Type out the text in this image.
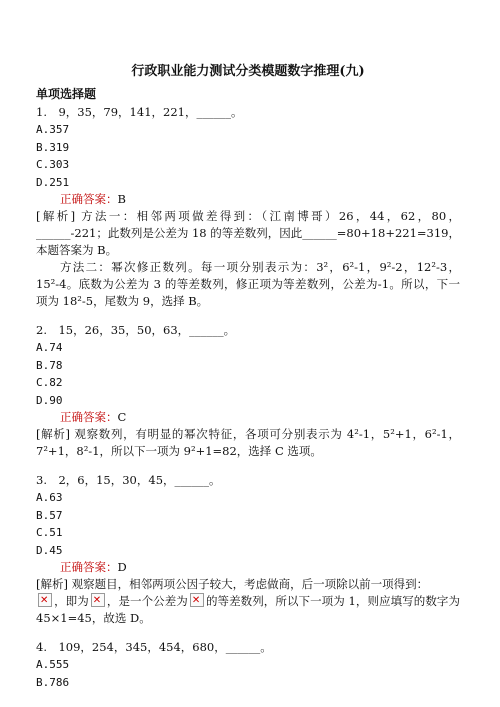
行政职业能力测试分类模题数字推理(九)
单项选择题
1.　9，35，79，141，221，______。
A.357
B.319
C.303
D.251
正确答案：B
[解析] 方法一：相邻两项做差得到：（江南博哥）26，44，62，80，______-221；此数列是公差为 18 的等差数列，因此______=80+18+221=319，本题答案为 B。
方法二：幂次修正数列。每一项分别表示为：3²，6²-1，9²-2，12²-3，15²-4。底数为公差为 3 的等差数列，修正项为等差数列，公差为-1。所以，下一项为 18²-5，尾数为 9，选择 B。
2.　15，26，35，50，63，______。
A.74
B.78
C.82
D.90
正确答案：C
[解析] 观察数列，有明显的幂次特征，各项可分别表示为 4²-1，5²+1，6²-1，7²+1，8²-1，所以下一项为 9²+1=82，选择 C 选项。
3.　2，6，15，30，45，______。
A.63
B.57
C.51
D.45
正确答案：D
[解析] 观察题目，相邻两项公因子较大，考虑做商，后一项除以前一项得到：
✕，即为 ✕ ，是一个公差为 ✕ 的等差数列，所以下一项为 1，则应填写的数字为 45×1=45，故选 D。
4.　109，254，345，454，680，______。
A.555
B.786
